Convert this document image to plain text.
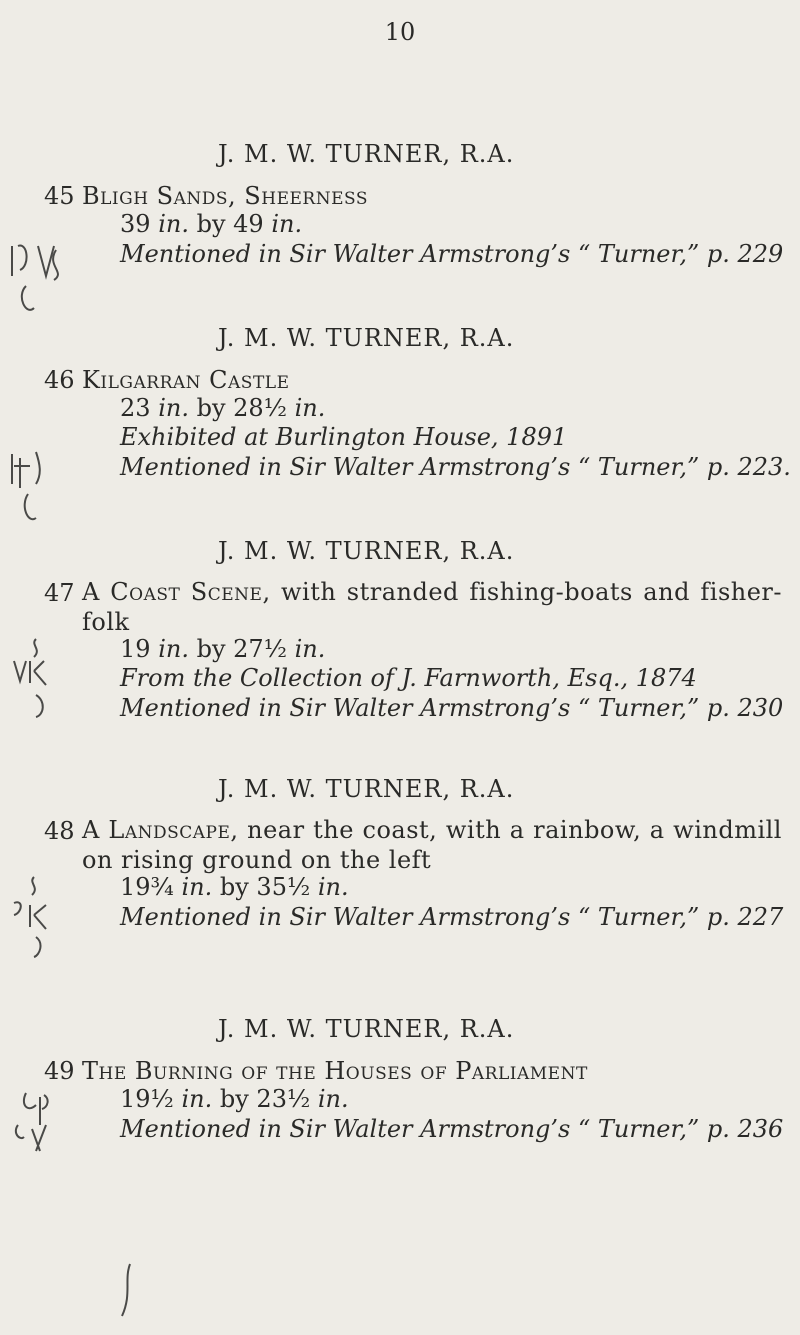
10
J. M. W. TURNER, R.A.
45 Bligh Sands, Sheerness
39 in. by 49 in.
Mentioned in Sir Walter Armstrong’s “ Turner,” p. 229
J. M. W. TURNER, R.A.
46 Kilgarran Castle
23 in. by 28½ in.
Exhibited at Burlington House, 1891
Mentioned in Sir Walter Armstrong’s “ Turner,” p. 223.
J. M. W. TURNER, R.A.
47 A Coast Scene, with stranded fishing-boats and fisher-folk
19 in. by 27½ in.
From the Collection of J. Farnworth, Esq., 1874
Mentioned in Sir Walter Armstrong’s “ Turner,” p. 230
J. M. W. TURNER, R.A.
48 A Landscape, near the coast, with a rainbow, a windmill on rising ground on the left
19¾ in. by 35½ in.
Mentioned in Sir Walter Armstrong’s “ Turner,” p. 227
J. M. W. TURNER, R.A.
49 The Burning of the Houses of Parliament
19½ in. by 23½ in.
Mentioned in Sir Walter Armstrong’s “ Turner,” p. 236
